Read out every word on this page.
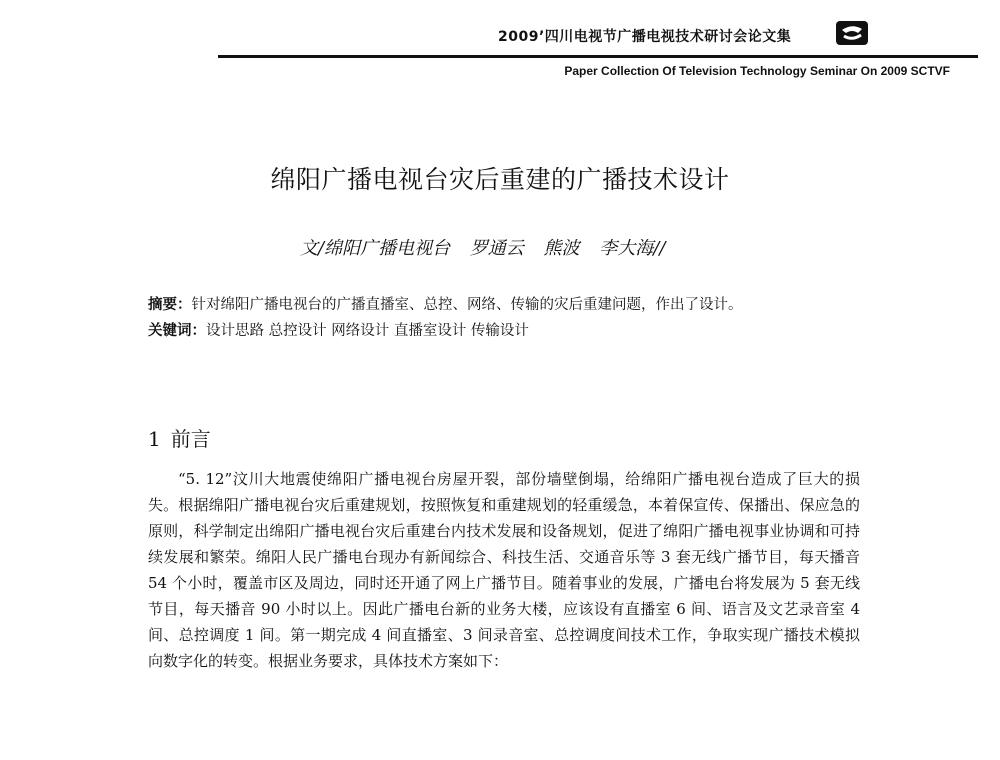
2009’四川电视节广播电视技术研讨会论文集
Paper Collection Of Television Technology Seminar On 2009 SCTVF
绵阳广播电视台灾后重建的广播技术设计
文/绵阳广播电视台 罗通云 熊波 李大海//
摘要：针对绵阳广播电视台的广播直播室、总控、网络、传输的灾后重建问题，作出了设计。
关键词：设计思路 总控设计 网络设计 直播室设计 传输设计
1 前言
“5. 12”汶川大地震使绵阳广播电视台房屋开裂，部份墙壁倒塌，给绵阳广播电视台造成了巨大的损失。根据绵阳广播电视台灾后重建规划，按照恢复和重建规划的轻重缓急，本着保宣传、保播出、保应急的原则，科学制定出绵阳广播电视台灾后重建台内技术发展和设备规划，促进了绵阳广播电视事业协调和可持续发展和繁荣。绵阳人民广播电台现办有新闻综合、科技生活、交通音乐等 3 套无线广播节目，每天播音 54 个小时，覆盖市区及周边，同时还开通了网上广播节目。随着事业的发展，广播电台将发展为 5 套无线节目，每天播音 90 小时以上。因此广播电台新的业务大楼，应该设有直播室 6 间、语言及文艺录音室 4 间、总控调度 1 间。第一期完成 4 间直播室、3 间录音室、总控调度间技术工作，争取实现广播技术模拟向数字化的转变。根据业务要求，具体技术方案如下：
